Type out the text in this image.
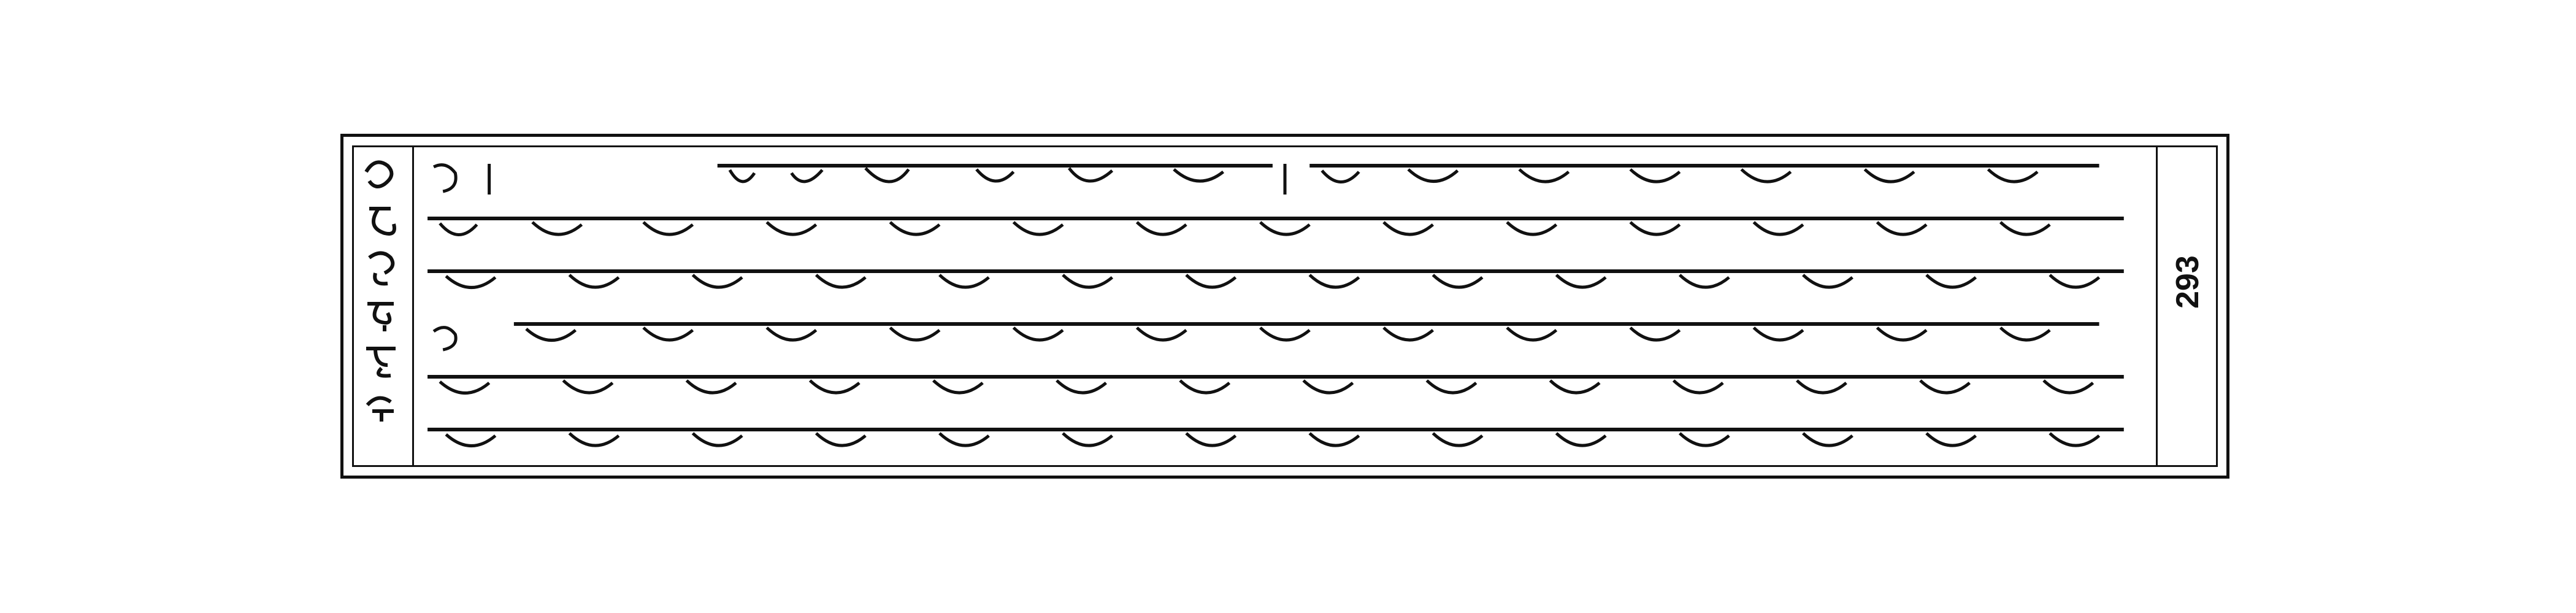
293
